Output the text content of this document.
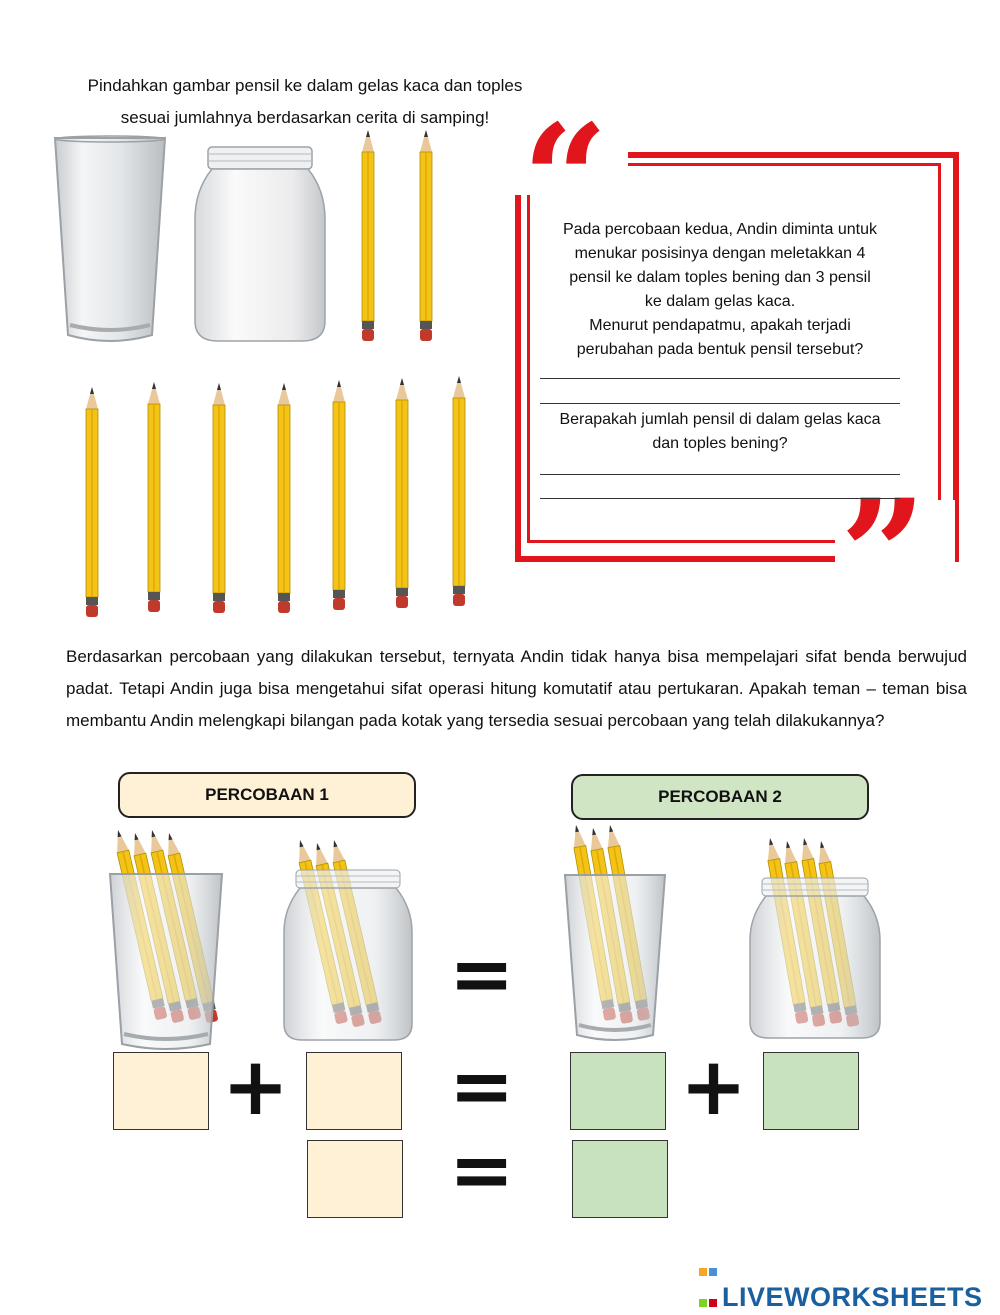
Pindahkan gambar pensil ke dalam gelas kaca dan toples
sesuai jumlahnya berdasarkan cerita di samping! “
”
Pada percobaan kedua, Andin diminta untuk
menukar posisinya dengan meletakkan 4
pensil ke dalam toples bening dan 3 pensil
ke dalam gelas kaca.
Menurut pendapatmu, apakah terjadi
perubahan pada bentuk pensil tersebut?
Berapakah jumlah pensil di dalam gelas kaca
dan toples bening?
Berdasarkan percobaan yang dilakukan tersebut, ternyata Andin tidak hanya bisa mempelajari sifat benda berwujud padat. Tetapi Andin juga bisa mengetahui sifat operasi hitung komutatif atau pertukaran. Apakah teman – teman bisa membantu Andin melengkapi bilangan pada kotak yang tersedia sesuai percobaan yang telah dilakukannya?
PERCOBAAN 1	PERCOBAAN 2
=
+ = +
=

LIVEWORKSHEETS
